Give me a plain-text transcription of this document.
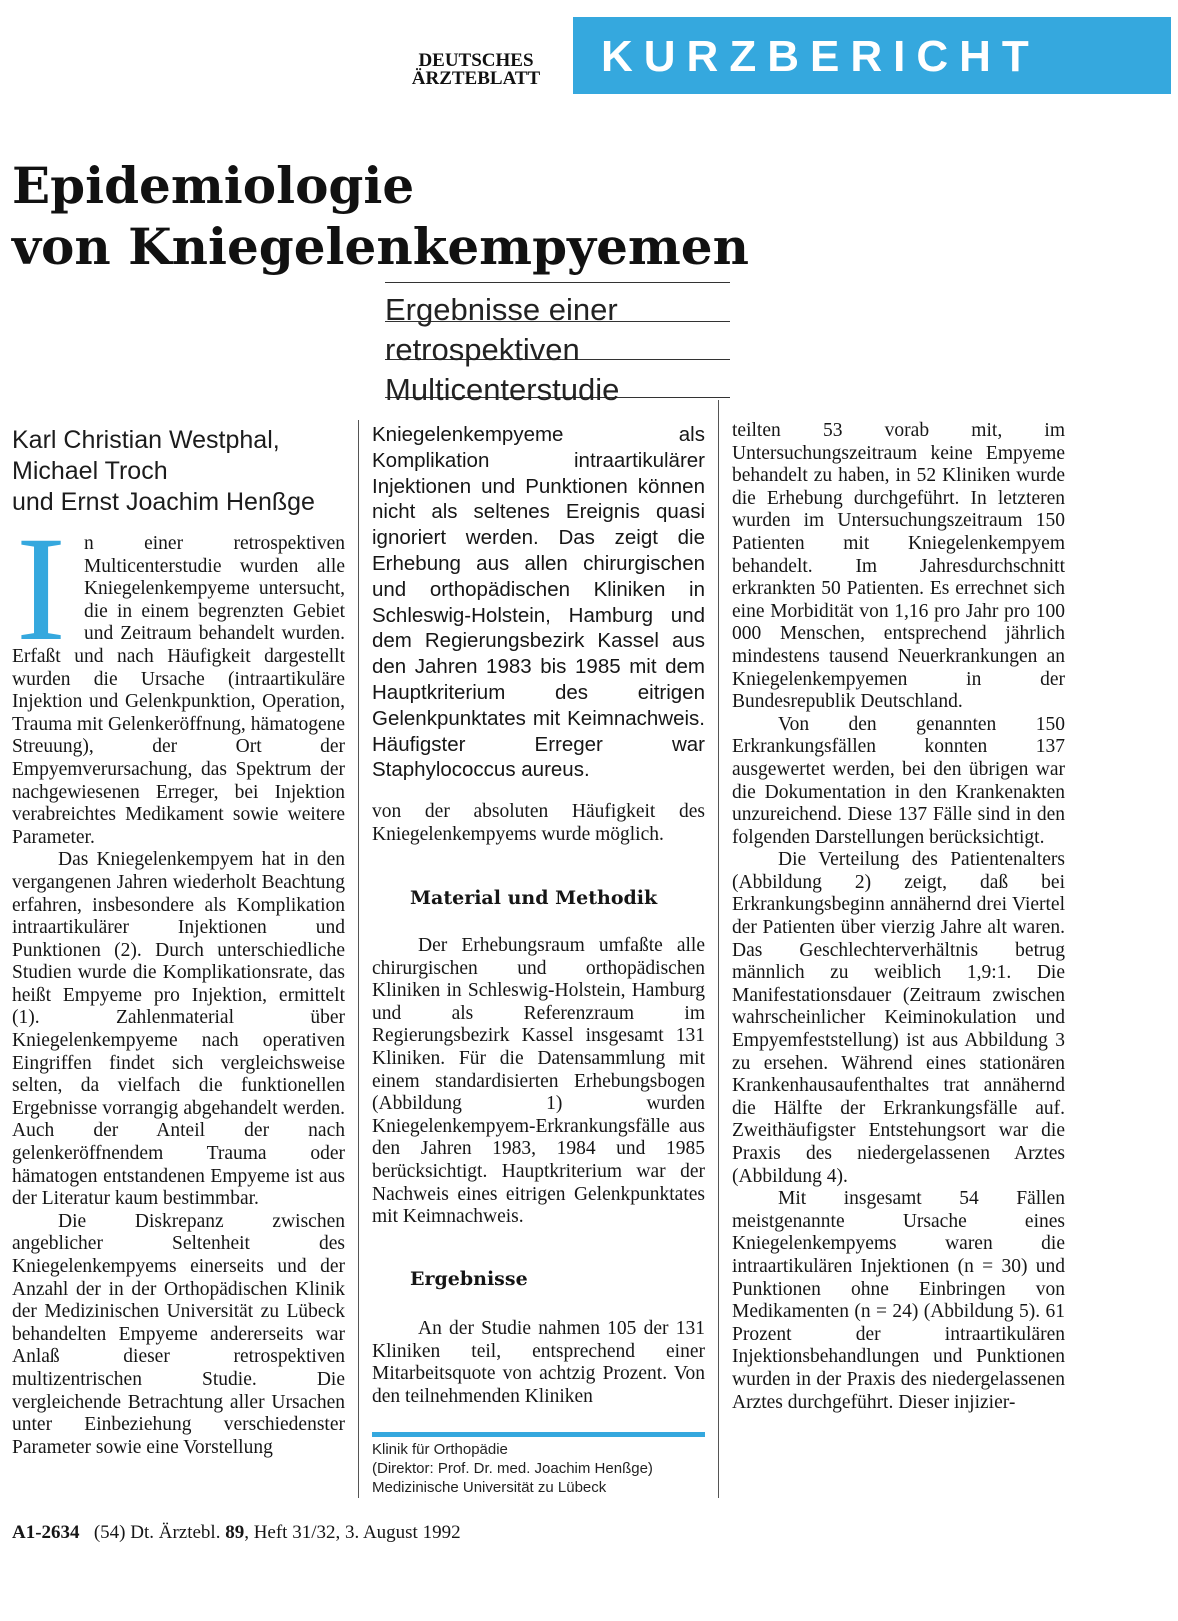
DEUTSCHES
ÄRZTEBLATT	KURZBERICHT
Epidemiologie
von Kniegelenkempyemen
Ergebnisse einer
retrospektiven
Multicenterstudie
Karl Christian Westphal,
Michael Troch
und Ernst Joachim Henßge

In einer retrospektiven Multicenterstudie wurden alle Kniegelenkempyeme untersucht, die in einem begrenzten Gebiet und Zeitraum behandelt wurden. Erfaßt und nach Häufigkeit dargestellt wurden die Ursache (intraartikuläre Injektion und Gelenkpunktion, Operation, Trauma mit Gelenkeröffnung, hämatogene Streuung), der Ort der Empyemverursachung, das Spektrum der nachgewiesenen Erreger, bei Injektion verabreichtes Medikament sowie weitere Parameter.

Das Kniegelenkempyem hat in den vergangenen Jahren wiederholt Beachtung erfahren, insbesondere als Komplikation intraartikulärer Injektionen und Punktionen (2). Durch unterschiedliche Studien wurde die Komplikationsrate, das heißt Empyeme pro Injektion, ermittelt (1). Zahlenmaterial über Kniegelenkempyeme nach operativen Eingriffen findet sich vergleichsweise selten, da vielfach die funktionellen Ergebnisse vorrangig abgehandelt werden. Auch der Anteil der nach gelenkeröffnendem Trauma oder hämatogen entstandenen Empyeme ist aus der Literatur kaum bestimmbar.

Die Diskrepanz zwischen angeblicher Seltenheit des Kniegelenkempyems einerseits und der Anzahl der in der Orthopädischen Klinik der Medizinischen Universität zu Lübeck behandelten Empyeme andererseits war Anlaß dieser retrospektiven multizentrischen Studie. Die vergleichende Betrachtung aller Ursachen unter Einbeziehung verschiedenster Parameter sowie eine Vorstellung

Kniegelenkempyeme als Komplikation intraartikulärer Injektionen und Punktionen können nicht als seltenes Ereignis quasi ignoriert werden. Das zeigt die Erhebung aus allen chirurgischen und orthopädischen Kliniken in Schleswig-Holstein, Hamburg und dem Regierungsbezirk Kassel aus den Jahren 1983 bis 1985 mit dem Hauptkriterium des eitrigen Gelenkpunktates mit Keimnachweis. Häufigster Erreger war Staphylococcus aureus.

von der absoluten Häufigkeit des Kniegelenkempyems wurde möglich.

Material und Methodik

Der Erhebungsraum umfaßte alle chirurgischen und orthopädischen Kliniken in Schleswig-Holstein, Hamburg und als Referenzraum im Regierungsbezirk Kassel insgesamt 131 Kliniken. Für die Datensammlung mit einem standardisierten Erhebungsbogen (Abbildung 1) wurden Kniegelenkempyem-Erkrankungsfälle aus den Jahren 1983, 1984 und 1985 berücksichtigt. Hauptkriterium war der Nachweis eines eitrigen Gelenkpunktates mit Keimnachweis.

Ergebnisse

An der Studie nahmen 105 der 131 Kliniken teil, entsprechend einer Mitarbeitsquote von achtzig Prozent. Von den teilnehmenden Kliniken

Klinik für Orthopädie
(Direktor: Prof. Dr. med. Joachim Henßge)
Medizinische Universität zu Lübeck

teilten 53 vorab mit, im Untersuchungszeitraum keine Empyeme behandelt zu haben, in 52 Kliniken wurde die Erhebung durchgeführt. In letzteren wurden im Untersuchungszeitraum 150 Patienten mit Kniegelenkempyem behandelt. Im Jahresdurchschnitt erkrankten 50 Patienten. Es errechnet sich eine Morbidität von 1,16 pro Jahr pro 100 000 Menschen, entsprechend jährlich mindestens tausend Neuerkrankungen an Kniegelenkempyemen in der Bundesrepublik Deutschland.

Von den genannten 150 Erkrankungsfällen konnten 137 ausgewertet werden, bei den übrigen war die Dokumentation in den Krankenakten unzureichend. Diese 137 Fälle sind in den folgenden Darstellungen berücksichtigt.

Die Verteilung des Patientenalters (Abbildung 2) zeigt, daß bei Erkrankungsbeginn annähernd drei Viertel der Patienten über vierzig Jahre alt waren. Das Geschlechterverhältnis betrug männlich zu weiblich 1,9:1. Die Manifestationsdauer (Zeitraum zwischen wahrscheinlicher Keiminokulation und Empyemfeststellung) ist aus Abbildung 3 zu ersehen. Während eines stationären Krankenhausaufenthaltes trat annähernd die Hälfte der Erkrankungsfälle auf. Zweithäufigster Entstehungsort war die Praxis des niedergelassenen Arztes (Abbildung 4).

Mit insgesamt 54 Fällen meistgenannte Ursache eines Kniegelenkempyems waren die intraartikulären Injektionen (n = 30) und Punktionen ohne Einbringen von Medikamenten (n = 24) (Abbildung 5). 61 Prozent der intraartikulären Injektionsbehandlungen und Punktionen wurden in der Praxis des niedergelassenen Arztes durchgeführt. Dieser injizier-

A1-2634 (54) Dt. Ärztebl. 89, Heft 31/32, 3. August 1992
